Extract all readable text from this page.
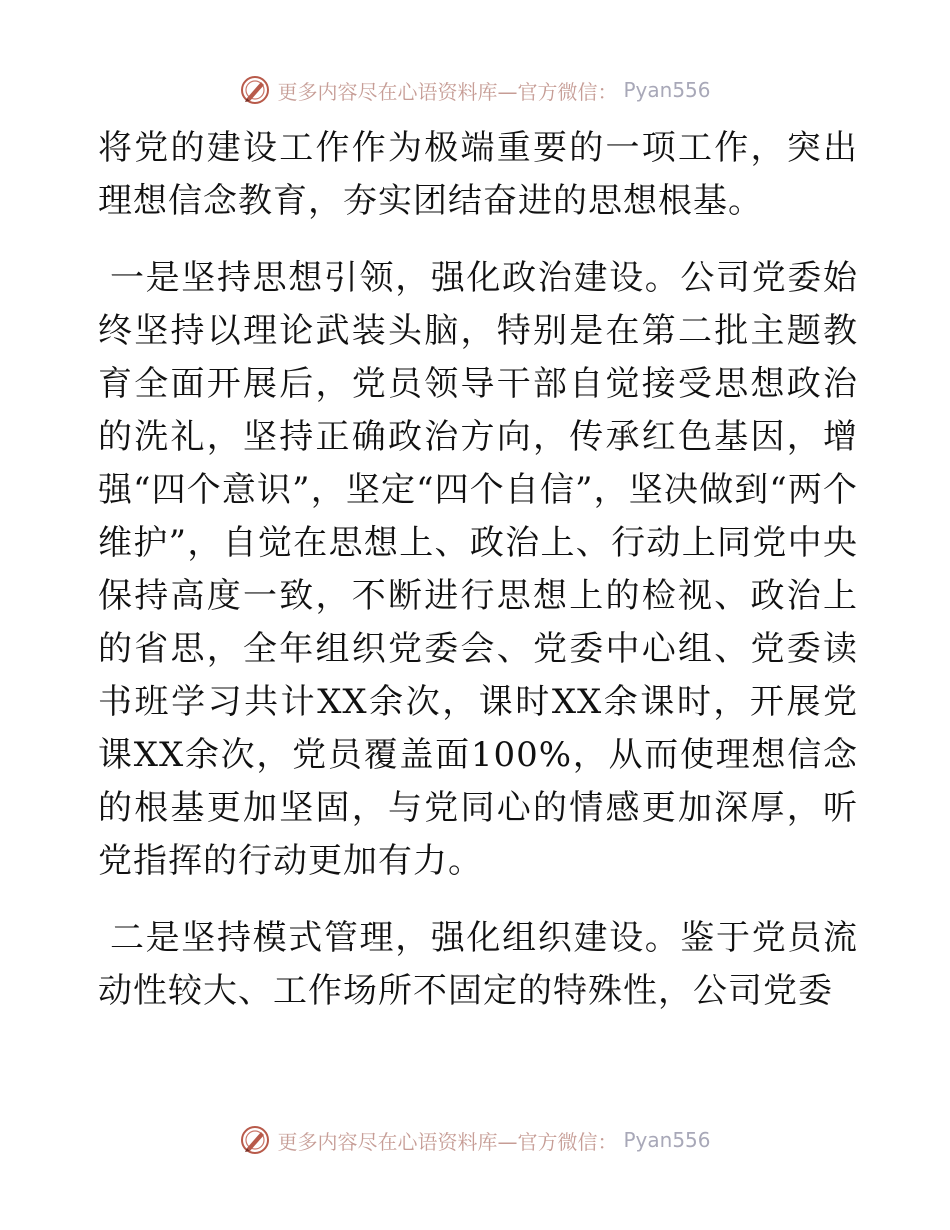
更多内容尽在心语资料库—官方微信： Pyan556

将党的建设工作作为极端重要的一项工作，突出理想信念教育，夯实团结奋进的思想根基。

一是坚持思想引领，强化政治建设。公司党委始终坚持以理论武装头脑，特别是在第二批主题教育全面开展后，党员领导干部自觉接受思想政治的洗礼，坚持正确政治方向，传承红色基因，增强“四个意识”，坚定“四个自信”，坚决做到“两个维护”，自觉在思想上、政治上、行动上同党中央保持高度一致，不断进行思想上的检视、政治上的省思，全年组织党委会、党委中心组、党委读书班学习共计XX余次，课时XX余课时，开展党课XX余次，党员覆盖面100%，从而使理想信念的根基更加坚固，与党同心的情感更加深厚，听党指挥的行动更加有力。

二是坚持模式管理，强化组织建设。鉴于党员流动性较大、工作场所不固定的特殊性，公司党委

更多内容尽在心语资料库—官方微信： Pyan556
